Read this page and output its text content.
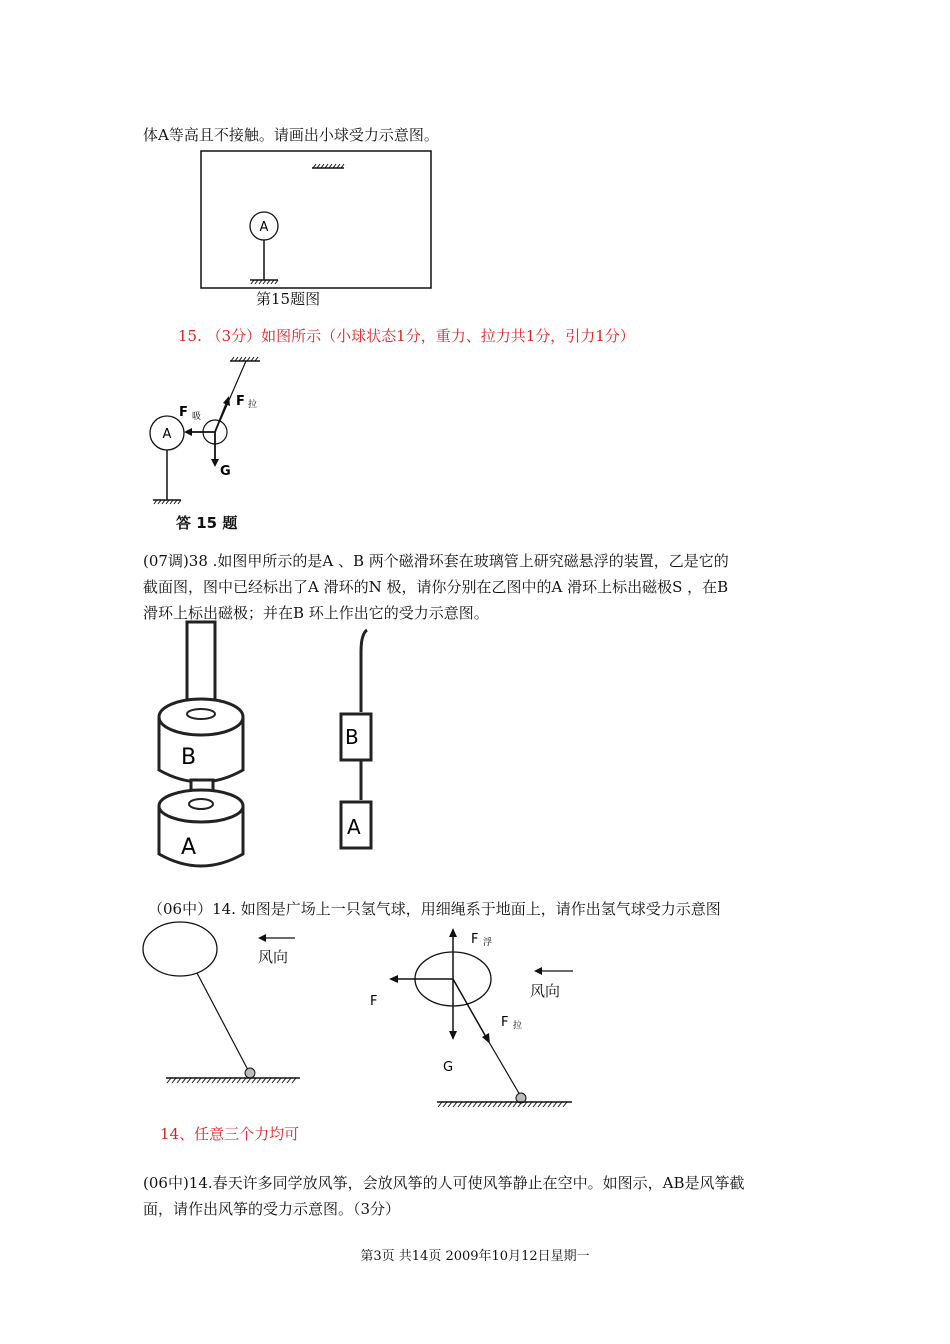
体A等高且不接触。请画出小球受力示意图。
A
第15题图
15. （3分）如图所示（小球状态1分，重力、拉力共1分，引力1分）
A
F 吸
F 拉
G
答 15 题
(07调)38 .如图甲所示的是A 、B 两个磁滑环套在玻璃管上研究磁悬浮的装置，乙是它的
截面图，图中已经标出了A 滑环的N 极，请你分别在乙图中的A 滑环上标出磁极S ，在B
滑环上标出磁极；并在B 环上作出它的受力示意图。
B
A
B
A
（06中）14. 如图是广场上一只氢气球，用细绳系于地面上，请作出氢气球受力示意图
风向
F 浮
F
F 拉
G
风向
14、任意三个力均可
(06中)14.春天许多同学放风筝，会放风筝的人可使风筝静止在空中。如图示，AB是风筝截
面，请作出风筝的受力示意图。（3分）
第3页 共14页 2009年10月12日星期一
